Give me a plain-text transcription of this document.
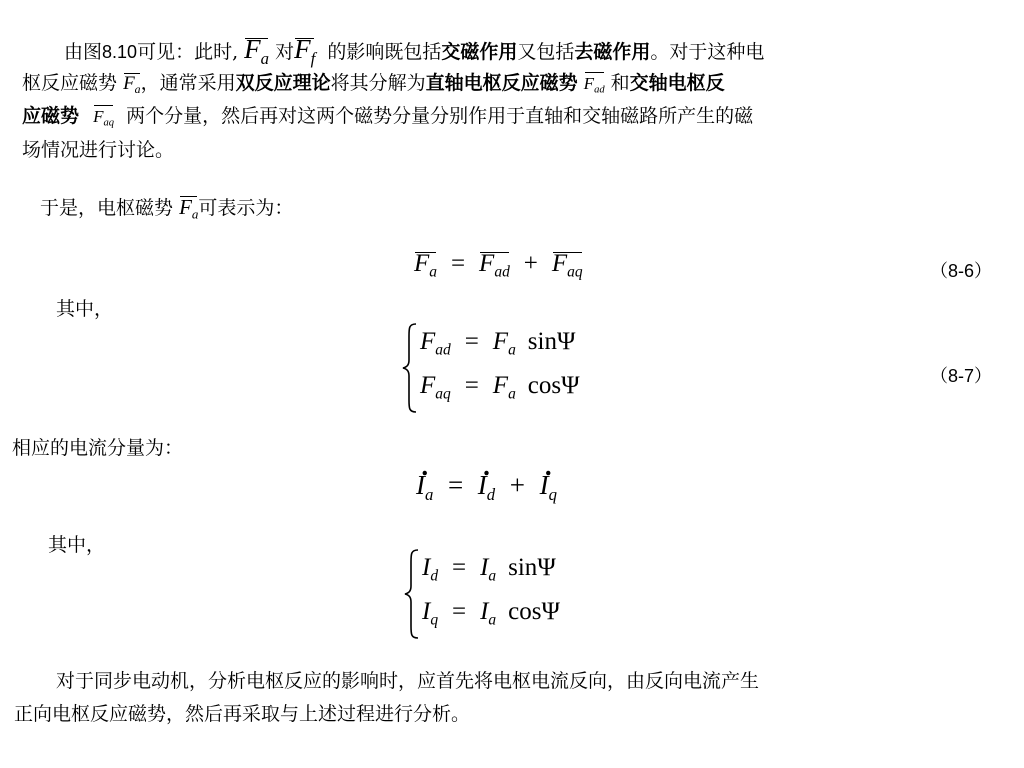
由图8.10可见：此时, $F_a$ 对$F_f$ 的影响既包括交磁作用又包括去磁作用。对于这种电
枢反应磁势 $F_a$，通常采用双反应理论将其分解为直轴电枢反应磁势 $F_{ad}$ 和交轴电枢反
应磁势 $F_{aq}$ 两个分量，然后再对这两个磁势分量分别作用于直轴和交轴磁路所产生的磁
场情况进行讨论。
于是，电枢磁势 $F_a$可表示为：
$F_a = F_{ad} + F_{aq}$	（8-6）
其中，
$F_{ad} = F_a$ sinΨ
$F_{aq} = F_a$ cosΨ	（8-7）
相应的电流分量为：
. $I_a$ = . $I_d$ + . $I_q$
其中，
$I_d = I_a$ sinΨ
$I_q = I_a$ cosΨ
对于同步电动机，分析电枢反应的影响时，应首先将电枢电流反向，由反向电流产生
正向电枢反应磁势，然后再采取与上述过程进行分析。
